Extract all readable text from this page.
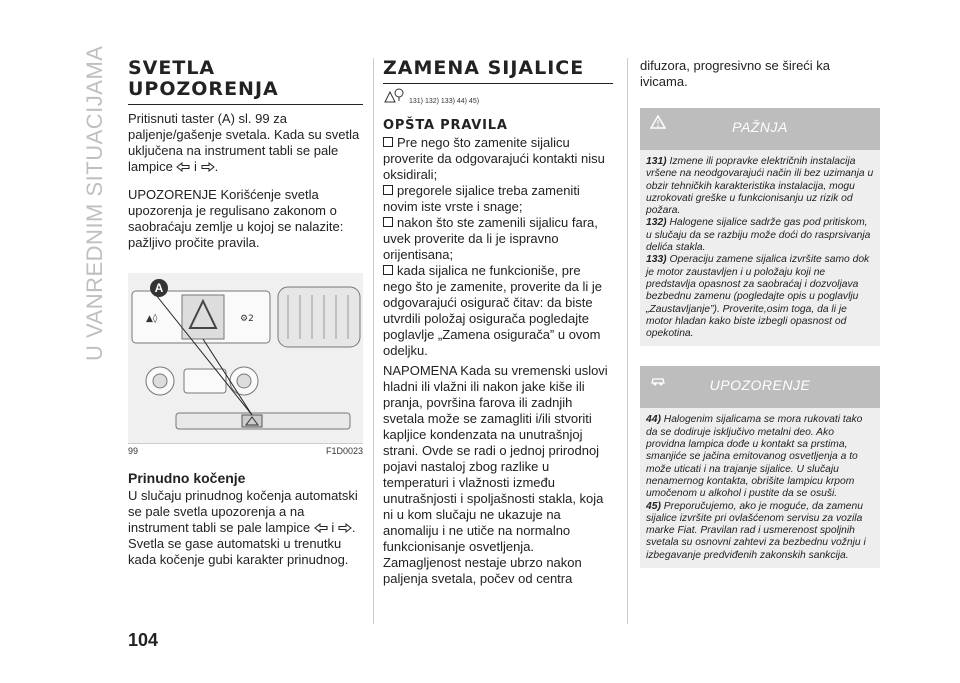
U VANREDNIM SITUACIJAMA SVETLA
UPOZORENJA

Pritisnuti taster (A) sl. 99 za paljenje/gašenje svetala. Kada su svetla uključena na instrument tabli se pale lampice i .

UPOZORENJE Korišćenje svetla upozorenja je regulisano zakonom o saobraćaju zemlje u kojoj se nalazite: pažljivo pročite pravila.

▲◊	⚙2
A
99	F1D0023
Prinudno kočenje

U slučaju prinudnog kočenja automatski se pale svetla upozorenja a na instrument tabli se pale lampice i . Svetla se gase automatski u trenutku kada kočenje gubi karakter prinudnog.

ZAMENA SIJALICE
131) 132) 133) 44) 45)
OPŠTA PRAVILA

Pre nego što zamenite sijalicu proverite da odgovarajući kontakti nisu oksidirali;

pregorele sijalice treba zameniti novim iste vrste i snage;

nakon što ste zamenili sijalicu fara, uvek proverite da li je ispravno orijentisana;

kada sijalica ne funkcioniše, pre nego što je zamenite, proverite da li je odgovarajući osigurač čitav: da biste utvrdili položaj osigurača pogledajte poglavlje „Zamena osigurača” u ovom odeljku.

NAPOMENA Kada su vremenski uslovi hladni ili vlažni ili nakon jake kiše ili pranja, površina farova ili zadnjih svetala može se zamagliti i/ili stvoriti kapljice kondenzata na unutrašnjoj strani. Ovde se radi o jednoj prirodnoj pojavi nastaloj zbog razlike u temperaturi i vlažnosti između unutrašnjosti i spoljašnosti stakla, koja ni u kom slučaju ne ukazuje na anomaliju i ne utiče na normalno funkcionisanje osvetljenja. Zamagljenost nestaje ubrzo nakon paljenja svetala, počev od centra

difuzora, progresivno se šireći ka ivicama.

PAŽNJA

131) Izmene ili popravke električnih instalacija vršene na neodgovarajući način ili bez uzimanja u obzir tehničkih karakteristika instalacija, mogu uzrokovati greške u funkcionisanju uz rizik od požara.

132) Halogene sijalice sadrže gas pod pritiskom, u slučaju da se razbiju može doći do rasprsivanja delića stakla.

133) Operaciju zamene sijalica izvršite samo dok je motor zaustavljen i u položaju koji ne predstavlja opasnost za saobraćaj i dozvoljava bezbednu zamenu (pogledajte opis u poglavlju „Zaustavljanje”). Proverite,osim toga, da li je motor hladan kako biste izbegli opasnost od opekotina.

UPOZORENJE

44) Halogenim sijalicama se mora rukovati tako da se dodiruje isključivo metalni deo. Ako providna lampica dođe u kontakt sa prstima, smanjiće se jačina emitovanog osvetljenja a to može uticati i na trajanje sijalice. U slučaju nenamernog kontakta, obrišite lampicu krpom umočenom u alkohol i pustite da se osuši.

45) Preporučujemo, ako je moguće, da zamenu sijalice izvršite pri ovlašćenom servisu za vozila marke Fiat. Pravilan rad i usmerenost spoljnih svetala su osnovni zahtevi za bezbednu vožnju i izbegavanje predviđenih zakonskih sankcija.

104
